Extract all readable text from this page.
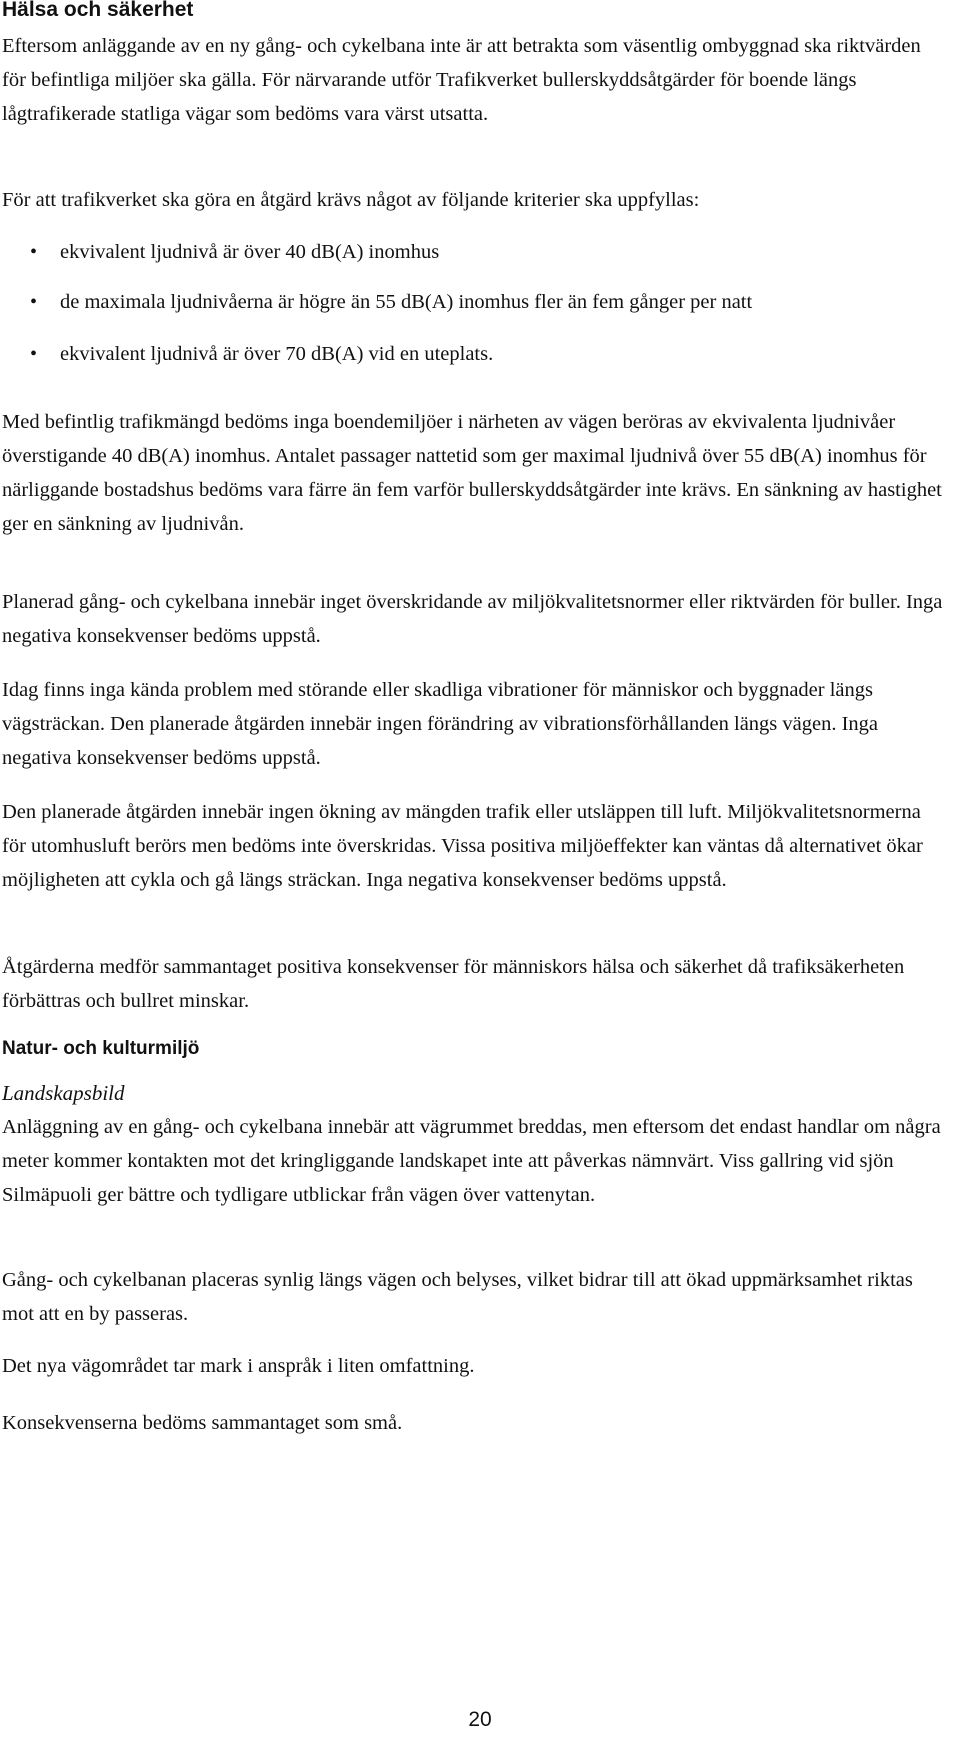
Hälsa och säkerhet
Eftersom anläggande av en ny gång- och cykelbana inte är att betrakta som väsentlig ombyggnad ska riktvärden för befintliga miljöer ska gälla. För närvarande utför Trafikverket bullerskyddsåtgärder för boende längs lågtrafikerade statliga vägar som bedöms vara värst utsatta.
För att trafikverket ska göra en åtgärd krävs något av följande kriterier ska uppfyllas:
• ekvivalent ljudnivå är över 40 dB(A) inomhus
• de maximala ljudnivåerna är högre än 55 dB(A) inomhus fler än fem gånger per natt
• ekvivalent ljudnivå är över 70 dB(A) vid en uteplats.
Med befintlig trafikmängd bedöms inga boendemiljöer i närheten av vägen beröras av ekvivalenta ljudnivåer överstigande 40 dB(A) inomhus. Antalet passager nattetid som ger maximal ljudnivå över 55 dB(A) inomhus för närliggande bostadshus bedöms vara färre än fem varför bullerskyddsåtgärder inte krävs. En sänkning av hastighet ger en sänkning av ljudnivån.
Planerad gång- och cykelbana innebär inget överskridande av miljökvalitetsnormer eller riktvärden för buller. Inga negativa konsekvenser bedöms uppstå.
Idag finns inga kända problem med störande eller skadliga vibrationer för människor och byggnader längs vägsträckan. Den planerade åtgärden innebär ingen förändring av vibrationsförhållanden längs vägen. Inga negativa konsekvenser bedöms uppstå.
Den planerade åtgärden innebär ingen ökning av mängden trafik eller utsläppen till luft. Miljökvalitetsnormerna för utomhusluft berörs men bedöms inte överskridas. Vissa positiva miljöeffekter kan väntas då alternativet ökar möjligheten att cykla och gå längs sträckan. Inga negativa konsekvenser bedöms uppstå.
Åtgärderna medför sammantaget positiva konsekvenser för människors hälsa och säkerhet då trafiksäkerheten förbättras och bullret minskar.
Natur- och kulturmiljö
Landskapsbild
Anläggning av en gång- och cykelbana innebär att vägrummet breddas, men eftersom det endast handlar om några meter kommer kontakten mot det kringliggande landskapet inte att påverkas nämnvärt. Viss gallring vid sjön Silmäpuoli ger bättre och tydligare utblickar från vägen över vattenytan.
Gång- och cykelbanan placeras synlig längs vägen och belyses, vilket bidrar till att ökad uppmärksamhet riktas mot att en by passeras.
Det nya vägområdet tar mark i anspråk i liten omfattning.
Konsekvenserna bedöms sammantaget som små.
20
